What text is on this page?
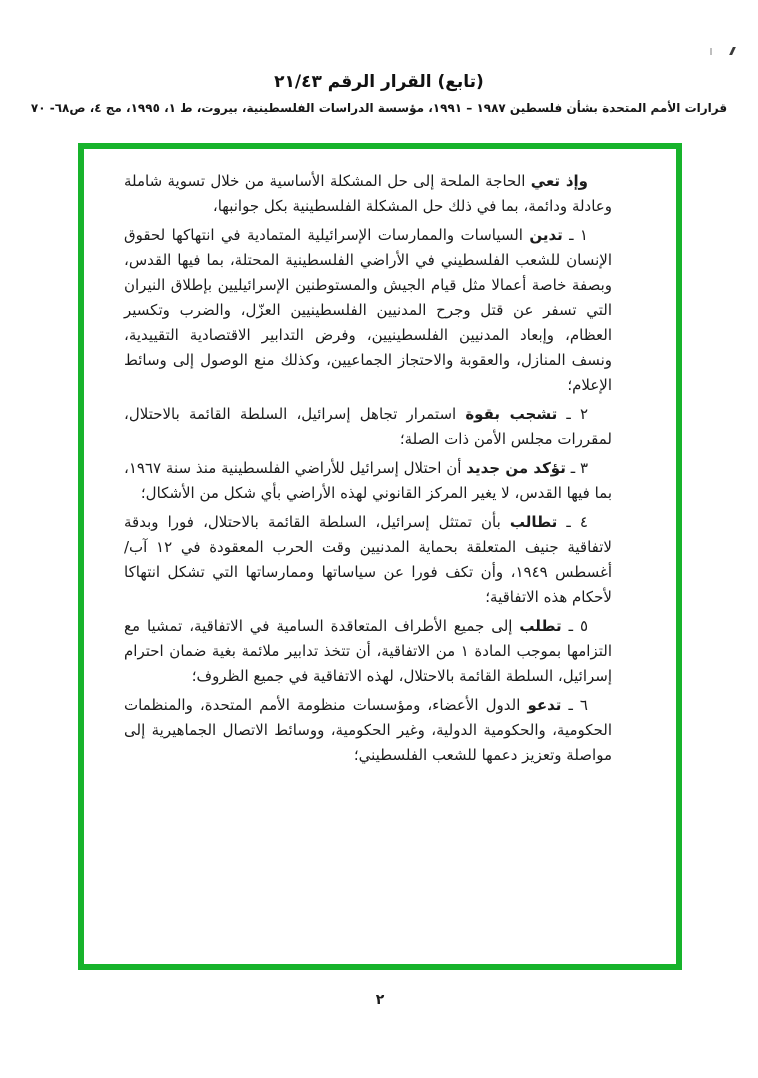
(تابع) القرار الرقم ٢١/٤٣
قرارات الأمم المتحدة بشأن فلسطين ١٩٨٧ – ١٩٩١، مؤسسة الدراسات الفلسطينية، بيروت، ط ١، ١٩٩٥، مج ٤، ص٦٨- ٧٠

وإذ تعي الحاجة الملحة إلى حل المشكلة الأساسية من خلال تسوية شاملة وعادلة ودائمة، بما في ذلك حل المشكلة الفلسطينية بكل جوانبها،

١ ـ تدين السياسات والممارسات الإسرائيلية المتمادية في انتهاكها لحقوق الإنسان للشعب الفلسطيني في الأراضي الفلسطينية المحتلة، بما فيها القدس، وبصفة خاصة أعمالا مثل قيام الجيش والمستوطنين الإسرائيليين بإطلاق النيران التي تسفر عن قتل وجرح المدنيين الفلسطينيين العزّل، والضرب وتكسير العظام، وإبعاد المدنيين الفلسطينيين، وفرض التدابير الاقتصادية التقييدية، ونسف المنازل، والعقوبة والاحتجاز الجماعيين، وكذلك منع الوصول إلى وسائط الإعلام؛

٢ ـ تشجب بقوة استمرار تجاهل إسرائيل، السلطة القائمة بالاحتلال، لمقررات مجلس الأمن ذات الصلة؛

٣ ـ تؤكد من جديد أن احتلال إسرائيل للأراضي الفلسطينية منذ سنة ١٩٦٧، بما فيها القدس، لا يغير المركز القانوني لهذه الأراضي بأي شكل من الأشكال؛

٤ ـ تطالب بأن تمتثل إسرائيل، السلطة القائمة بالاحتلال، فورا وبدقة لاتفاقية جنيف المتعلقة بحماية المدنيين وقت الحرب المعقودة في ١٢ آب/أغسطس ١٩٤٩، وأن تكف فورا عن سياساتها وممارساتها التي تشكل انتهاكا لأحكام هذه الاتفاقية؛

٥ ـ تطلب إلى جميع الأطراف المتعاقدة السامية في الاتفاقية، تمشيا مع التزامها بموجب المادة ١ من الاتفاقية، أن تتخذ تدابير ملائمة بغية ضمان احترام إسرائيل، السلطة القائمة بالاحتلال، لهذه الاتفاقية في جميع الظروف؛

٦ ـ تدعو الدول الأعضاء، ومؤسسات منظومة الأمم المتحدة، والمنظمات الحكومية، والحكومية الدولية، وغير الحكومية، ووسائط الاتصال الجماهيرية إلى مواصلة وتعزيز دعمها للشعب الفلسطيني؛

٢
